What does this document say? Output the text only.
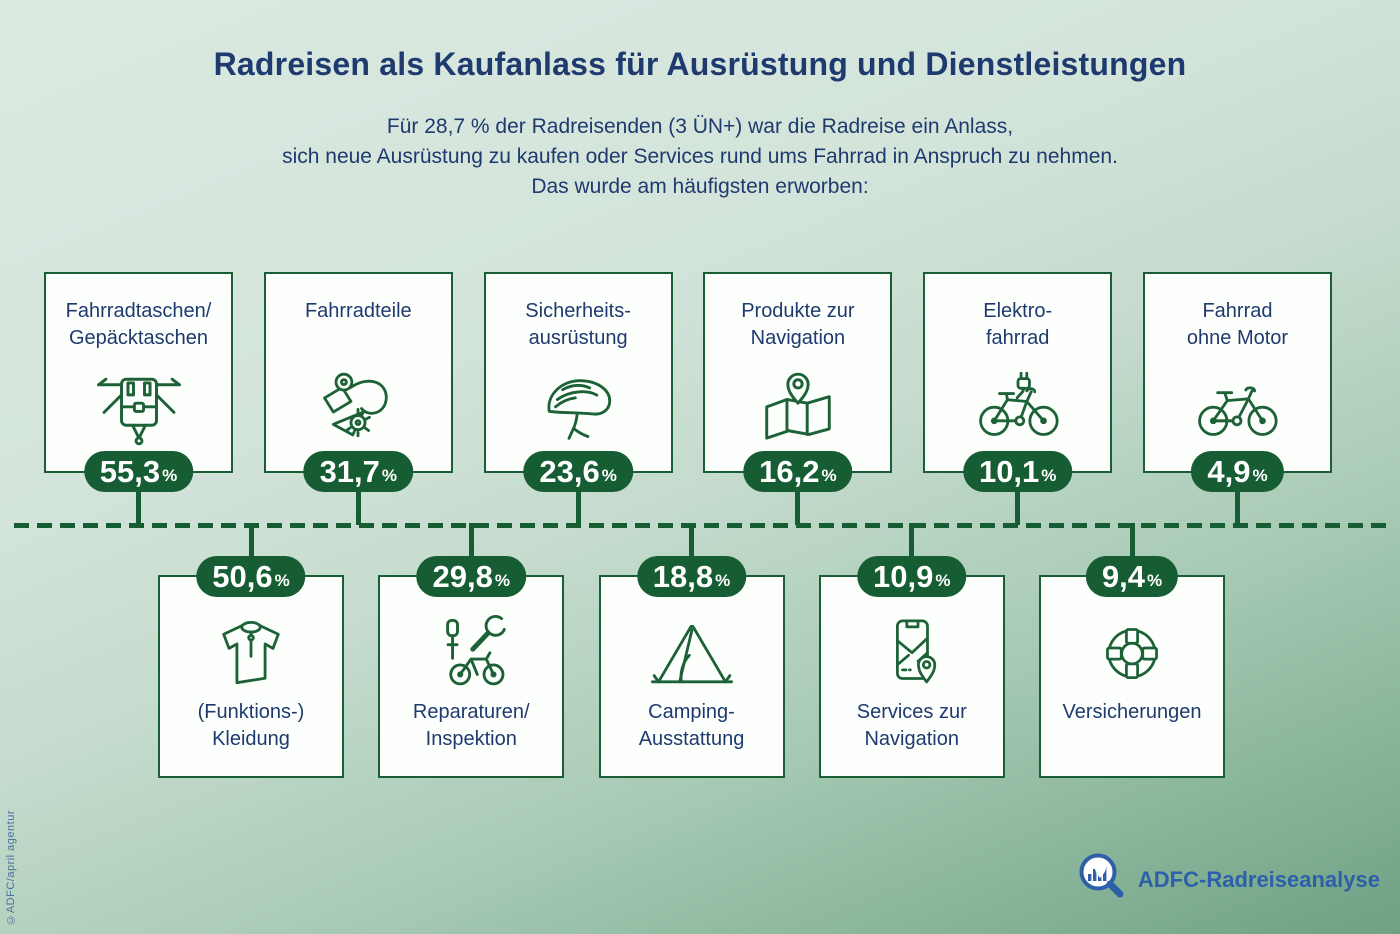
Radreisen als Kaufanlass für Ausrüstung und Dienstleistungen
Für 28,7 % der Radreisenden (3 ÜN+) war die Radreise ein Anlass,
sich neue Ausrüstung zu kaufen oder Services rund ums Fahrrad in Anspruch zu nehmen.
Das wurde am häufigsten erworben:
Fahrradtaschen/
Gepäcktaschen
55,3 %
Fahrradteile
31,7 %
Sicherheits-
ausrüstung
23,6 %
Produkte zur
Navigation
16,2 %
Elektro-
fahrrad
10,1 %
Fahrrad
ohne Motor
4,9 %
50,6 %
(Funktions-)
Kleidung
29,8 %
Reparaturen/
Inspektion
18,8 %
Camping-
Ausstattung
10,9 %
Services zur
Navigation
9,4 %
Versicherungen
©ADFC/april agentur	ADFC-Radreiseanalyse
